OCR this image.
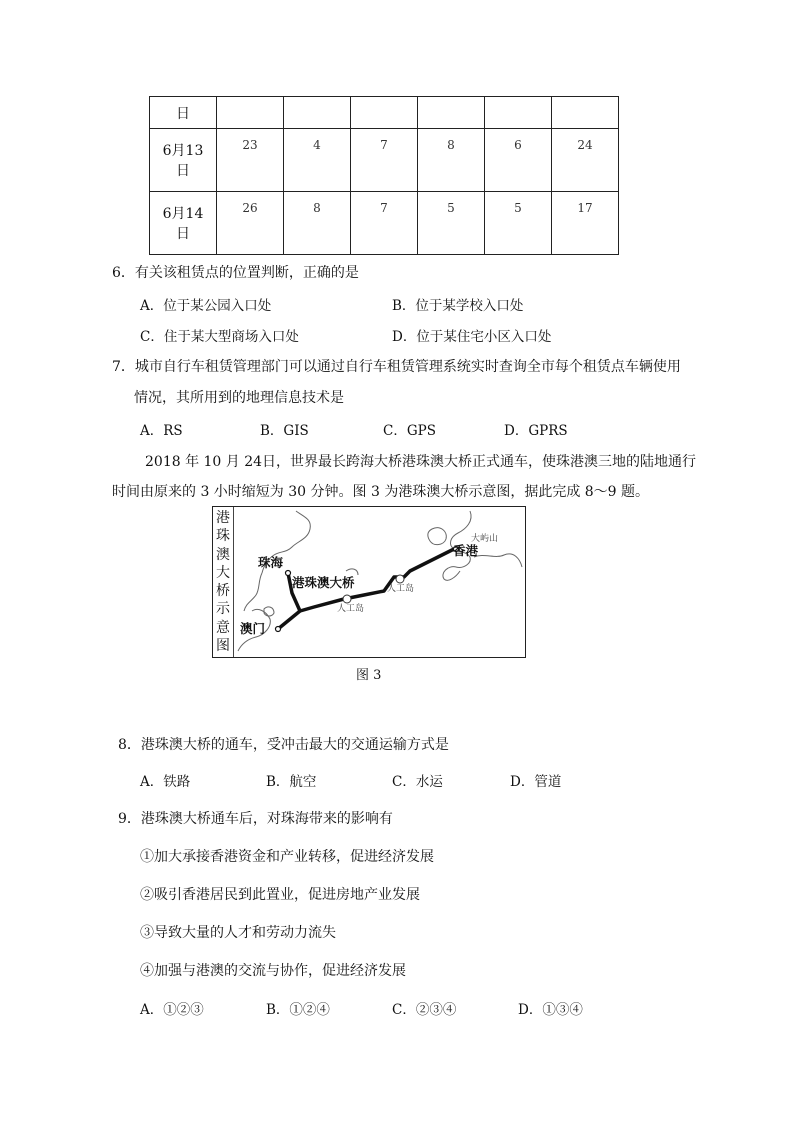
日						

6月13
日	23	4	7	8	6	24

6月14
日	26	8	7	5	5	17
6．有关该租赁点的位置判断，正确的是
A．位于某公园入口处	B．位于某学校入口处
C．住于某大型商场入口处	D．位于某住宅小区入口处
7．城市自行车租赁管理部门可以通过自行车租赁管理系统实时查询全市每个租赁点车辆使用
情况，其所用到的地理信息技术是
A．RS	B．GIS	C．GPS	D．GPRS
2018 年 10 月 24日，世界最长跨海大桥港珠澳大桥正式通车，使珠港澳三地的陆地通行
时间由原来的 3 小时缩短为 30 分钟。图 3 为港珠澳大桥示意图，据此完成 8～9 题。
港
珠
澳
大
桥
示
意
图
珠海
澳门
香港
港珠澳大桥
人工岛
人工岛
大屿山
图 3
8．港珠澳大桥的通车，受冲击最大的交通运输方式是
A．铁路	B．航空	C．水运	D．管道
9．港珠澳大桥通车后，对珠海带来的影响有
①加大承接香港资金和产业转移，促进经济发展
②吸引香港居民到此置业，促进房地产业发展
③导致大量的人才和劳动力流失
④加强与港澳的交流与协作，促进经济发展
A．①②③	B．①②④	C．②③④	D．①③④
